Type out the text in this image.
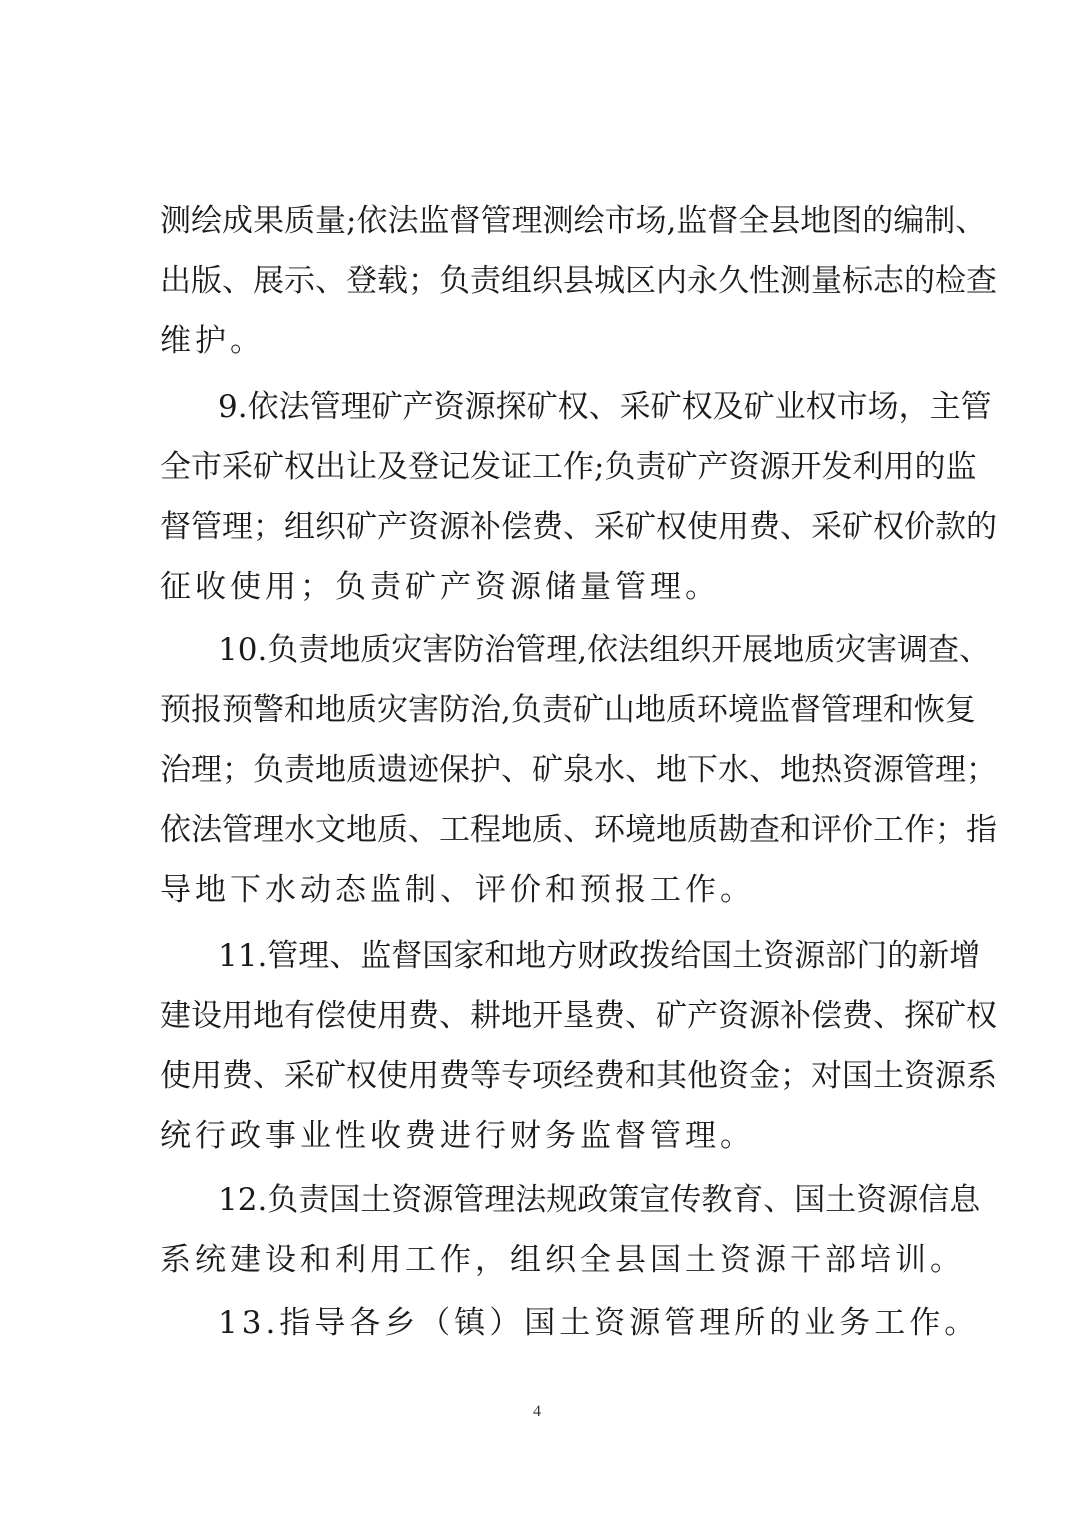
测绘成果质量;依法监督管理测绘市场,监督全县地图的编制、
出版、展示、登载；负责组织县城区内永久性测量标志的检查
维护。
9.依法管理矿产资源探矿权、采矿权及矿业权市场，主管
全市采矿权出让及登记发证工作;负责矿产资源开发利用的监
督管理；组织矿产资源补偿费、采矿权使用费、采矿权价款的
征收使用；负责矿产资源储量管理。
10.负责地质灾害防治管理,依法组织开展地质灾害调查、
预报预警和地质灾害防治,负责矿山地质环境监督管理和恢复
治理；负责地质遗迹保护、矿泉水、地下水、地热资源管理；
依法管理水文地质、工程地质、环境地质勘查和评价工作；指
导地下水动态监制、评价和预报工作。
11.管理、监督国家和地方财政拨给国土资源部门的新增
建设用地有偿使用费、耕地开垦费、矿产资源补偿费、探矿权
使用费、采矿权使用费等专项经费和其他资金；对国土资源系
统行政事业性收费进行财务监督管理。
12.负责国土资源管理法规政策宣传教育、国土资源信息
系统建设和利用工作，组织全县国土资源干部培训。
13.指导各乡（镇）国土资源管理所的业务工作。
4
